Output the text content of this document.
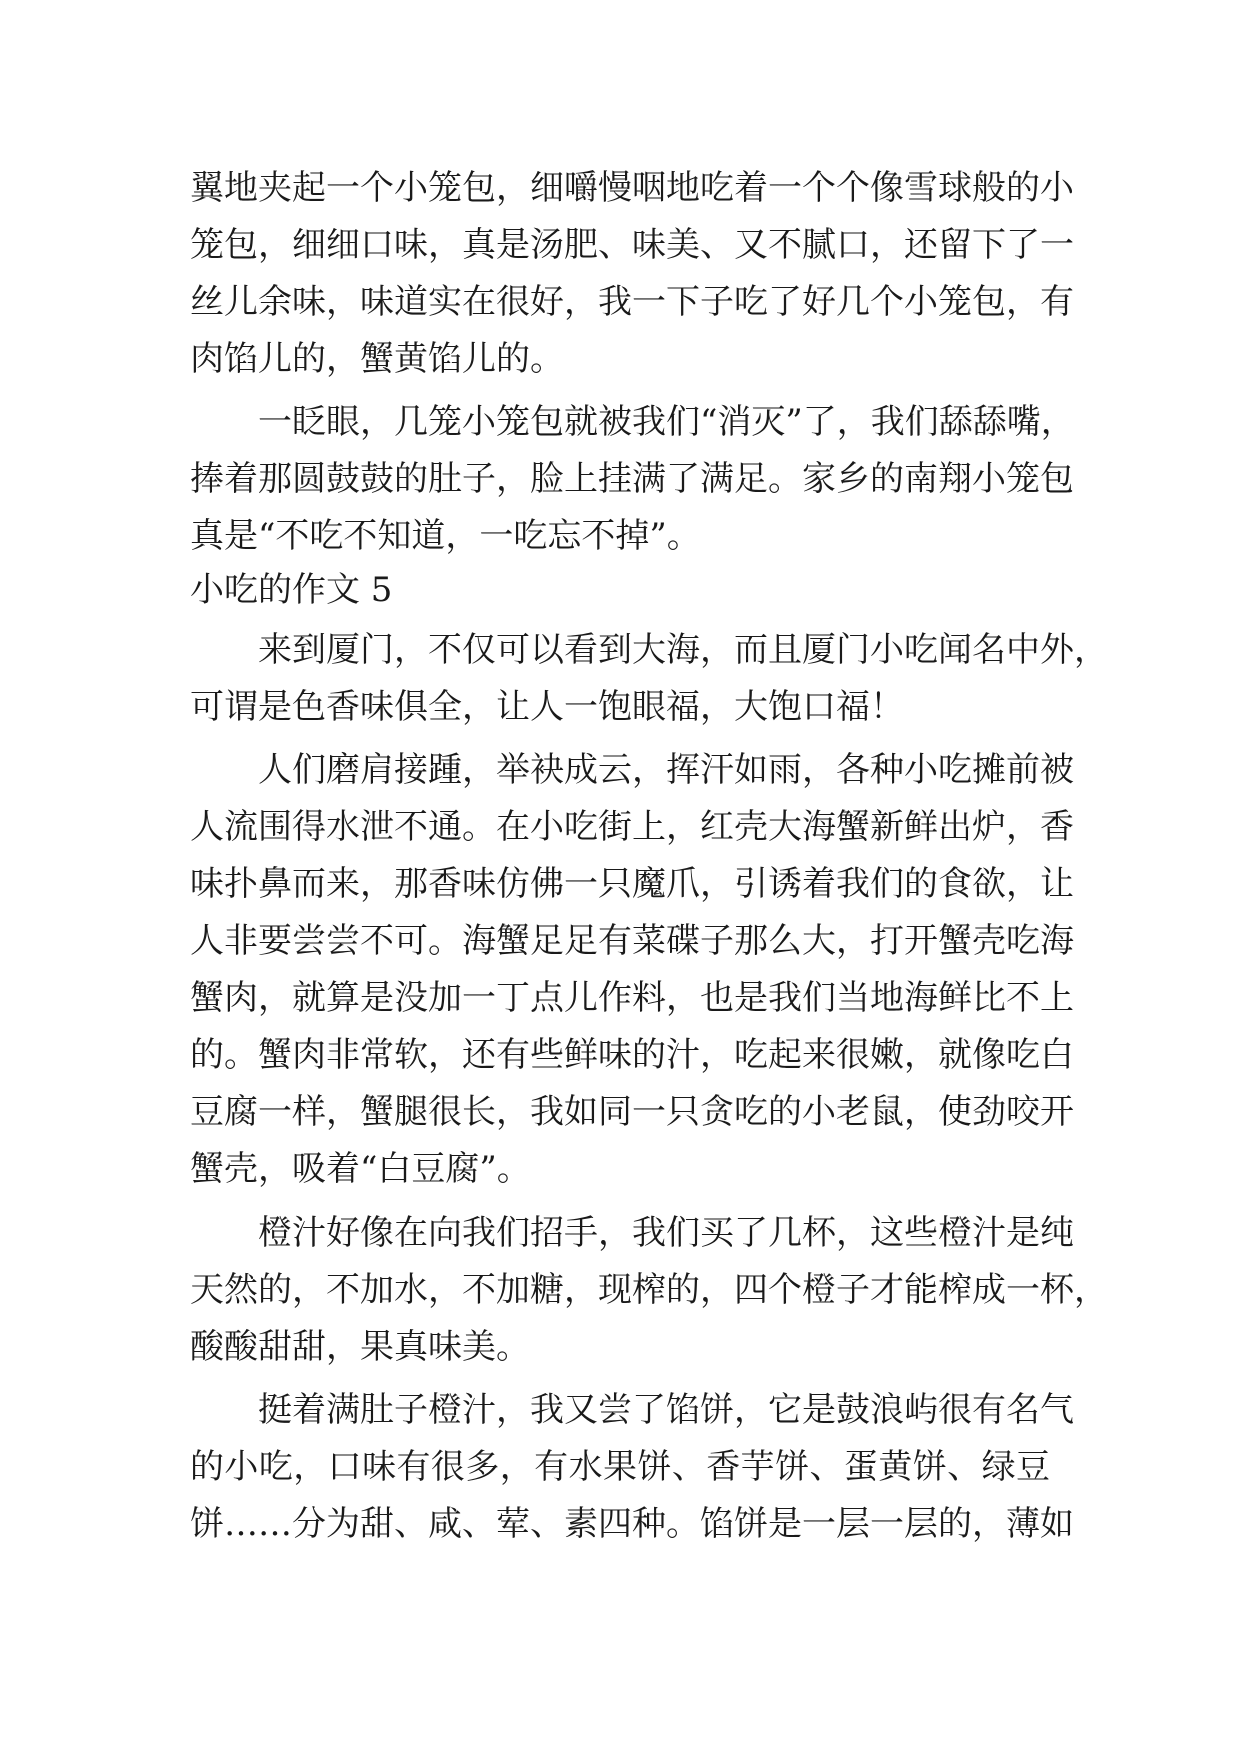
翼地夹起一个小笼包，细嚼慢咽地吃着一个个像雪球般的小
笼包，细细口味，真是汤肥、味美、又不腻口，还留下了一
丝儿余味，味道实在很好，我一下子吃了好几个小笼包，有
肉馅儿的，蟹黄馅儿的。
一眨眼，几笼小笼包就被我们“消灭”了，我们舔舔嘴，
捧着那圆鼓鼓的肚子，脸上挂满了满足。家乡的南翔小笼包
真是“不吃不知道，一吃忘不掉”。
小吃的作文 5
来到厦门，不仅可以看到大海，而且厦门小吃闻名中外，
可谓是色香味俱全，让人一饱眼福，大饱口福！
人们磨肩接踵，举袂成云，挥汗如雨，各种小吃摊前被
人流围得水泄不通。在小吃街上，红壳大海蟹新鲜出炉，香
味扑鼻而来，那香味仿佛一只魔爪，引诱着我们的食欲，让
人非要尝尝不可。海蟹足足有菜碟子那么大，打开蟹壳吃海
蟹肉，就算是没加一丁点儿作料，也是我们当地海鲜比不上
的。蟹肉非常软，还有些鲜味的汁，吃起来很嫩，就像吃白
豆腐一样，蟹腿很长，我如同一只贪吃的小老鼠，使劲咬开
蟹壳，吸着“白豆腐”。
橙汁好像在向我们招手，我们买了几杯，这些橙汁是纯
天然的，不加水，不加糖，现榨的，四个橙子才能榨成一杯，
酸酸甜甜，果真味美。
挺着满肚子橙汁，我又尝了馅饼，它是鼓浪屿很有名气
的小吃，口味有很多，有水果饼、香芋饼、蛋黄饼、绿豆
饼……分为甜、咸、荤、素四种。馅饼是一层一层的，薄如
